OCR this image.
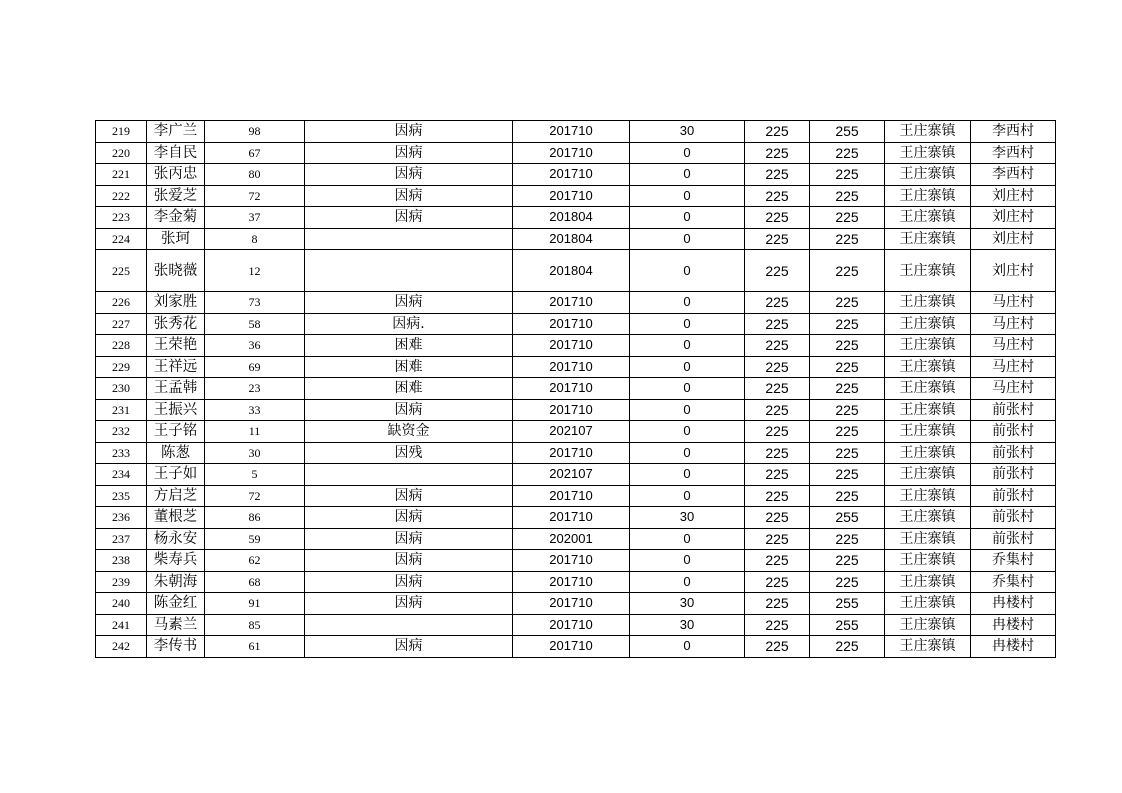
219	李广兰	98	因病	201710	30	225	255	王庄寨镇	李西村
220	李自民	67	因病	201710	0	225	225	王庄寨镇	李西村
221	张丙忠	80	因病	201710	0	225	225	王庄寨镇	李西村
222	张爱芝	72	因病	201710	0	225	225	王庄寨镇	刘庄村
223	李金菊	37	因病	201804	0	225	225	王庄寨镇	刘庄村
224	张珂	8		201804	0	225	225	王庄寨镇	刘庄村
225	张晓薇	12		201804	0	225	225	王庄寨镇	刘庄村
226	刘家胜	73	因病	201710	0	225	225	王庄寨镇	马庄村
227	张秀花	58	因病.	201710	0	225	225	王庄寨镇	马庄村
228	王荣艳	36	困难	201710	0	225	225	王庄寨镇	马庄村
229	王祥远	69	困难	201710	0	225	225	王庄寨镇	马庄村
230	王孟韩	23	困难	201710	0	225	225	王庄寨镇	马庄村
231	王振兴	33	因病	201710	0	225	225	王庄寨镇	前张村
232	王子铭	11	缺资金	202107	0	225	225	王庄寨镇	前张村
233	陈葱	30	因残	201710	0	225	225	王庄寨镇	前张村
234	王子如	5		202107	0	225	225	王庄寨镇	前张村
235	方启芝	72	因病	201710	0	225	225	王庄寨镇	前张村
236	董根芝	86	因病	201710	30	225	255	王庄寨镇	前张村
237	杨永安	59	因病	202001	0	225	225	王庄寨镇	前张村
238	柴寿兵	62	因病	201710	0	225	225	王庄寨镇	乔集村
239	朱朝海	68	因病	201710	0	225	225	王庄寨镇	乔集村
240	陈金红	91	因病	201710	30	225	255	王庄寨镇	冉楼村
241	马素兰	85		201710	30	225	255	王庄寨镇	冉楼村
242	李传书	61	因病	201710	0	225	225	王庄寨镇	冉楼村
